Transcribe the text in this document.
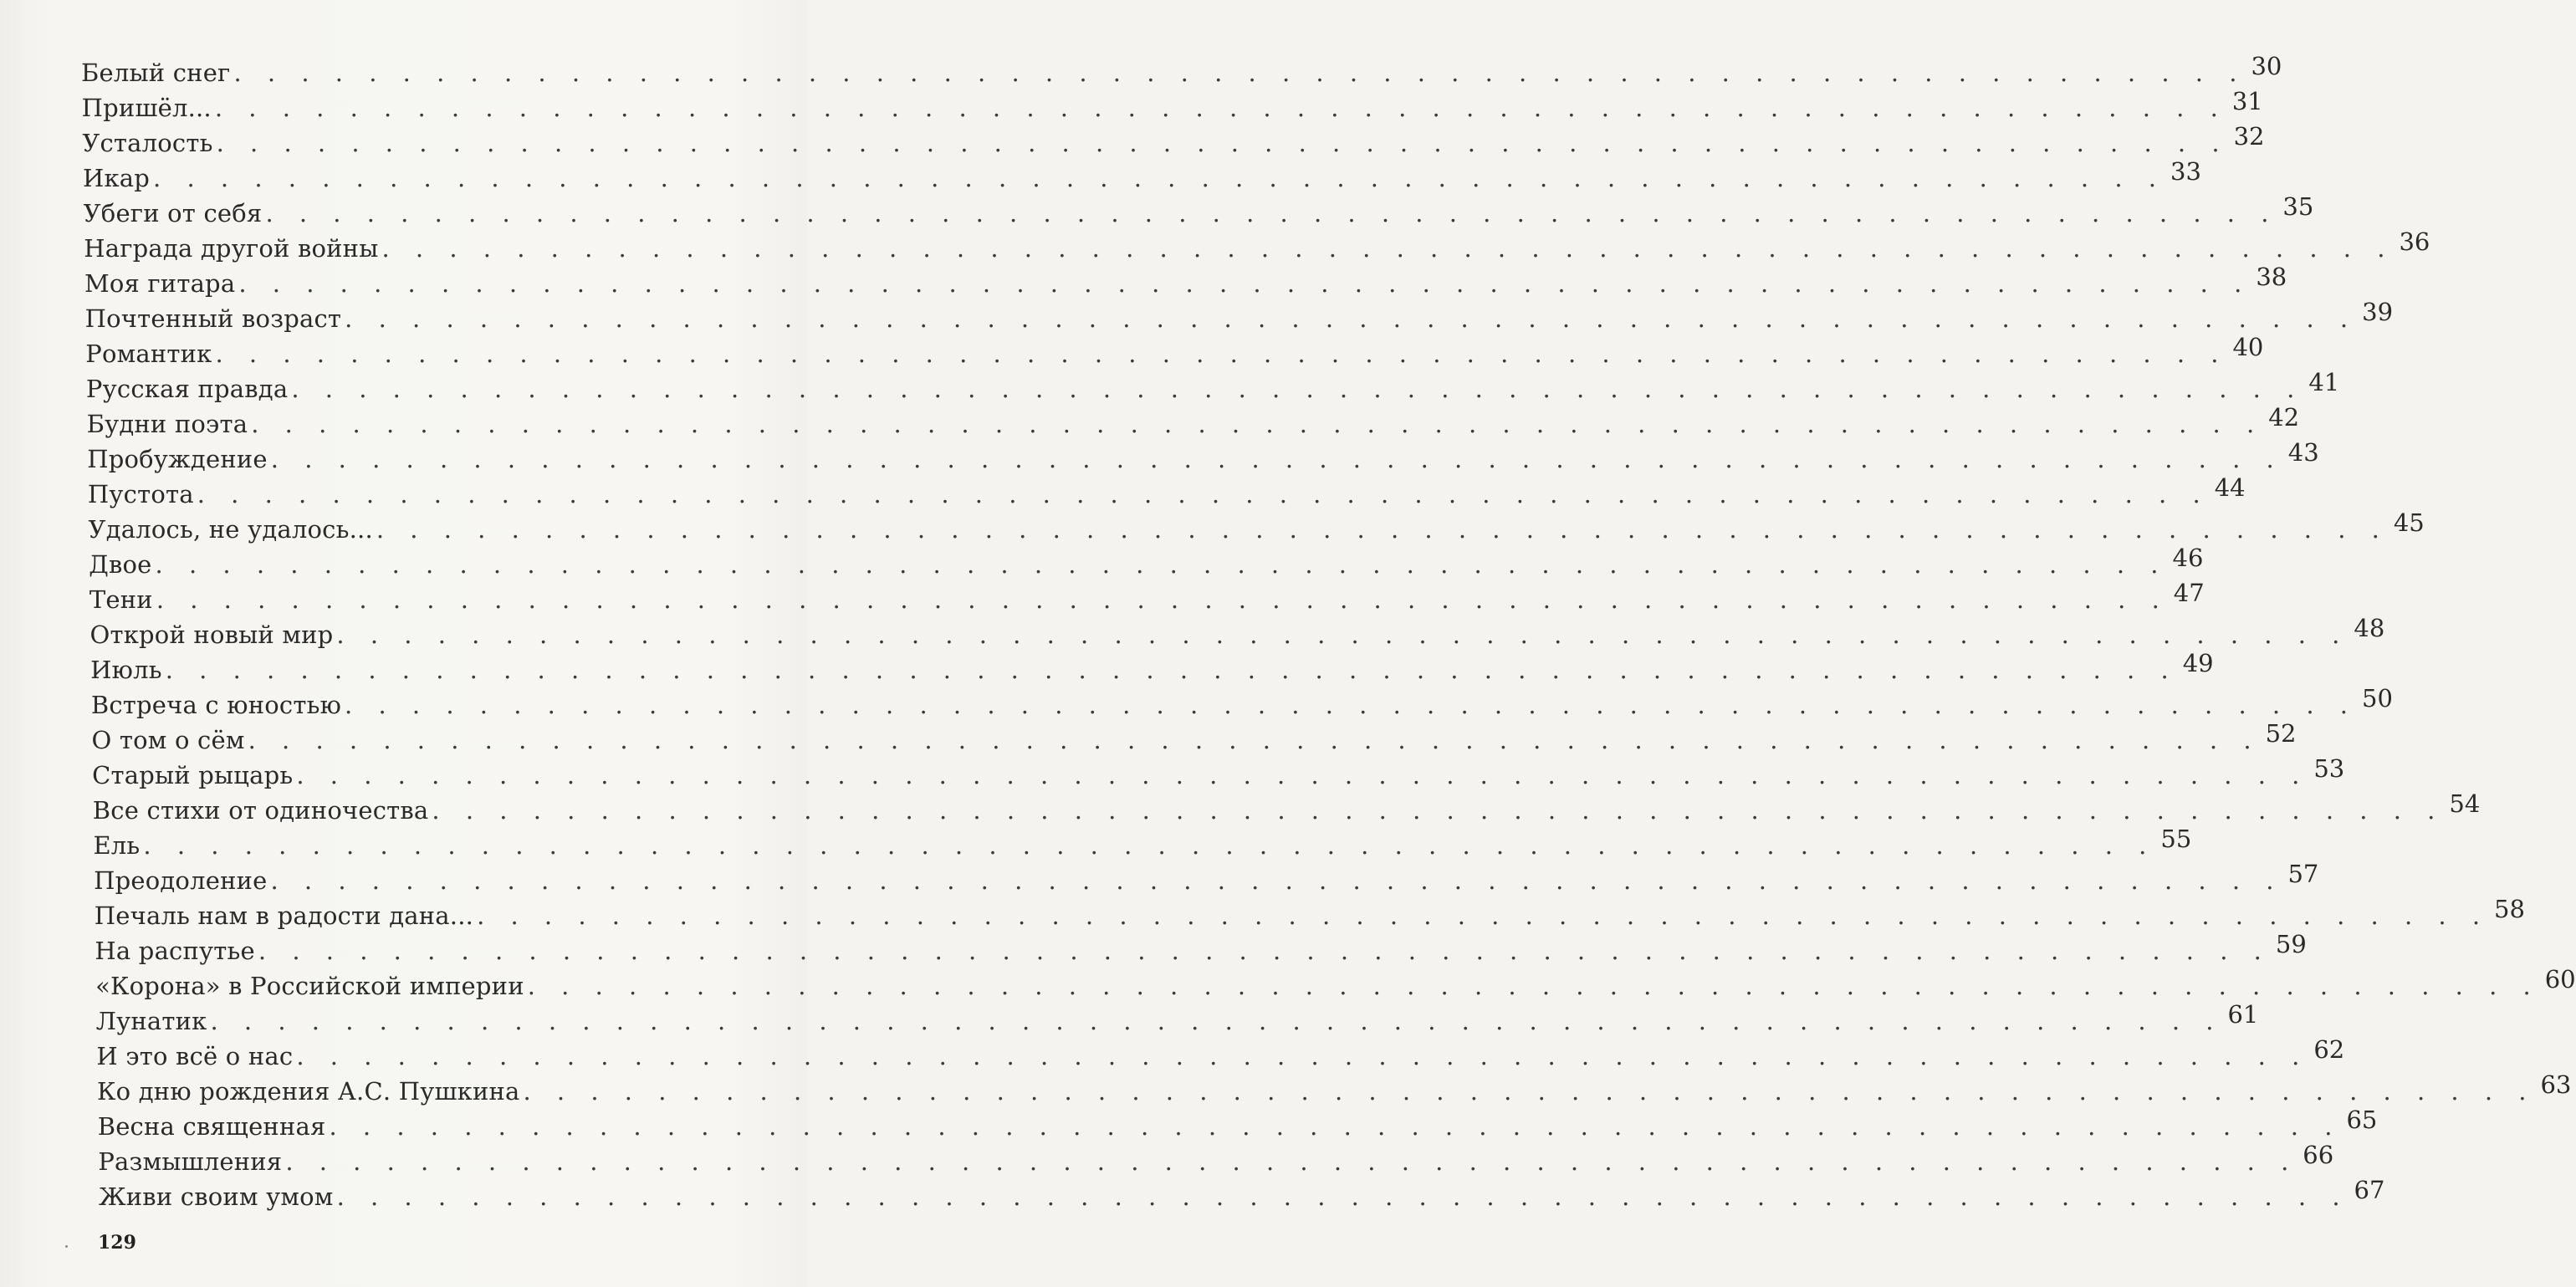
Белый снег . . . . . . . . . . . . . . . . . . . . . . . . . . . . . . . . . . . . . . . . . . . . . . . . . . . . . . . . . . . . 30
Пришёл... . . . . . . . . . . . . . . . . . . . . . . . . . . . . . . . . . . . . . . . . . . . . . . . . . . . . . . . . . . . . 31
Усталость . . . . . . . . . . . . . . . . . . . . . . . . . . . . . . . . . . . . . . . . . . . . . . . . . . . . . . . . . . . . 32
Икар . . . . . . . . . . . . . . . . . . . . . . . . . . . . . . . . . . . . . . . . . . . . . . . . . . . . . . . . . . . . 33
Убеги от себя . . . . . . . . . . . . . . . . . . . . . . . . . . . . . . . . . . . . . . . . . . . . . . . . . . . . . . . . . . . . 35
Награда другой войны . . . . . . . . . . . . . . . . . . . . . . . . . . . . . . . . . . . . . . . . . . . . . . . . . . . . . . . . . . . . 36
Моя гитара . . . . . . . . . . . . . . . . . . . . . . . . . . . . . . . . . . . . . . . . . . . . . . . . . . . . . . . . . . . . 38
Почтенный возраст . . . . . . . . . . . . . . . . . . . . . . . . . . . . . . . . . . . . . . . . . . . . . . . . . . . . . . . . . . . . 39
Романтик . . . . . . . . . . . . . . . . . . . . . . . . . . . . . . . . . . . . . . . . . . . . . . . . . . . . . . . . . . . . 40
Русская правда . . . . . . . . . . . . . . . . . . . . . . . . . . . . . . . . . . . . . . . . . . . . . . . . . . . . . . . . . . . . 41
Будни поэта . . . . . . . . . . . . . . . . . . . . . . . . . . . . . . . . . . . . . . . . . . . . . . . . . . . . . . . . . . . . 42
Пробуждение . . . . . . . . . . . . . . . . . . . . . . . . . . . . . . . . . . . . . . . . . . . . . . . . . . . . . . . . . . . . 43
Пустота . . . . . . . . . . . . . . . . . . . . . . . . . . . . . . . . . . . . . . . . . . . . . . . . . . . . . . . . . . . . 44
Удалось, не удалось... . . . . . . . . . . . . . . . . . . . . . . . . . . . . . . . . . . . . . . . . . . . . . . . . . . . . . . . . . . . . 45
Двое . . . . . . . . . . . . . . . . . . . . . . . . . . . . . . . . . . . . . . . . . . . . . . . . . . . . . . . . . . . . 46
Тени . . . . . . . . . . . . . . . . . . . . . . . . . . . . . . . . . . . . . . . . . . . . . . . . . . . . . . . . . . . . 47
Открой новый мир . . . . . . . . . . . . . . . . . . . . . . . . . . . . . . . . . . . . . . . . . . . . . . . . . . . . . . . . . . . . 48
Июль . . . . . . . . . . . . . . . . . . . . . . . . . . . . . . . . . . . . . . . . . . . . . . . . . . . . . . . . . . . . 49
Встреча с юностью . . . . . . . . . . . . . . . . . . . . . . . . . . . . . . . . . . . . . . . . . . . . . . . . . . . . . . . . . . . . 50
О том о сём . . . . . . . . . . . . . . . . . . . . . . . . . . . . . . . . . . . . . . . . . . . . . . . . . . . . . . . . . . . . 52
Старый рыцарь . . . . . . . . . . . . . . . . . . . . . . . . . . . . . . . . . . . . . . . . . . . . . . . . . . . . . . . . . . . . 53
Все стихи от одиночества . . . . . . . . . . . . . . . . . . . . . . . . . . . . . . . . . . . . . . . . . . . . . . . . . . . . . . . . . . . . 54
Ель . . . . . . . . . . . . . . . . . . . . . . . . . . . . . . . . . . . . . . . . . . . . . . . . . . . . . . . . . . . . 55
Преодоление . . . . . . . . . . . . . . . . . . . . . . . . . . . . . . . . . . . . . . . . . . . . . . . . . . . . . . . . . . . . 57
Печаль нам в радости дана... . . . . . . . . . . . . . . . . . . . . . . . . . . . . . . . . . . . . . . . . . . . . . . . . . . . . . . . . . . . . 58
На распутье . . . . . . . . . . . . . . . . . . . . . . . . . . . . . . . . . . . . . . . . . . . . . . . . . . . . . . . . . . . . 59
«Корона» в Российской империи . . . . . . . . . . . . . . . . . . . . . . . . . . . . . . . . . . . . . . . . . . . . . . . . . . . . . . . . . . . . 60
Лунатик . . . . . . . . . . . . . . . . . . . . . . . . . . . . . . . . . . . . . . . . . . . . . . . . . . . . . . . . . . . . 61
И это всё о нас . . . . . . . . . . . . . . . . . . . . . . . . . . . . . . . . . . . . . . . . . . . . . . . . . . . . . . . . . . . . 62
Ко дню рождения А.С. Пушкина . . . . . . . . . . . . . . . . . . . . . . . . . . . . . . . . . . . . . . . . . . . . . . . . . . . . . . . . . . . . 63
Весна священная . . . . . . . . . . . . . . . . . . . . . . . . . . . . . . . . . . . . . . . . . . . . . . . . . . . . . . . . . . . . 65
Размышления . . . . . . . . . . . . . . . . . . . . . . . . . . . . . . . . . . . . . . . . . . . . . . . . . . . . . . . . . . . . 66
Живи своим умом . . . . . . . . . . . . . . . . . . . . . . . . . . . . . . . . . . . . . . . . . . . . . . . . . . . . . . . . . . . . 67
129
